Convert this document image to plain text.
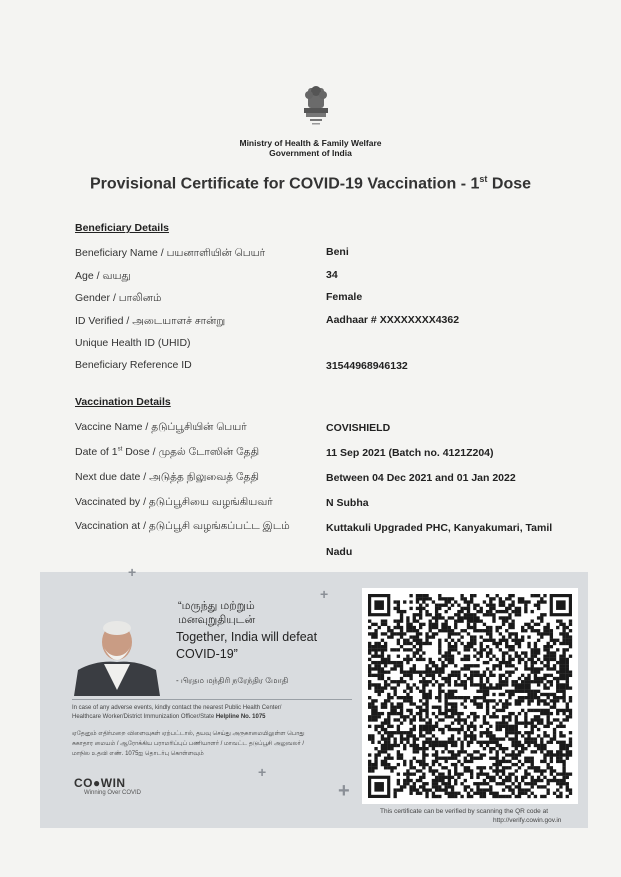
Ministry of Health & Family Welfare
Government of India
Provisional Certificate for COVID-19 Vaccination - 1st Dose
Beneficiary Details
Beneficiary Name / பயனாளியின் பெயர்	Beni
Age / வயது	34
Gender / பாலினம்	Female
ID Verified / அடையாளச் சான்று	Aadhaar # XXXXXXXX4362
Unique Health ID (UHID)
Beneficiary Reference ID	31544968946132
Vaccination Details
Vaccine Name / தடுப்பூசியின் பெயர்	COVISHIELD
Date of 1st Dose / முதல் டோஸின் தேதி	11 Sep 2021 (Batch no. 4121Z204)
Next due date / அடுத்த நிலுவைத் தேதி	Between 04 Dec 2021 and 01 Jan 2022
Vaccinated by / தடுப்பூசியை வழங்கியவர்	N Subha
Vaccination at / தடுப்பூசி வழங்கப்பட்ட இடம்	Kuttakuli Upgraded PHC, Kanyakumari, Tamil
Nadu
+
+
+
+
“மருந்து மற்றும்
மனவுறுதியுடன்
Together, India will defeat
COVID-19”
- பிரதம மந்திரி நரேந்திர மோதி
In case of any adverse events, kindly contact the nearest Public Health Center/
Healthcare Worker/District Immunization Officer/State Helpline No. 1075
ஏதேனும் எதிர்மறை விளைவுகள் ஏற்பட்டால், தயவு செய்து அருகாமையிலுள்ள பொது
சுகாதார மையம் / ஆரோக்கிய பராமரிப்புப் பணியாளர் / மாவட்ட தடுப்பூசி அலுவலர் /
மாநில உதவி எண். 1075ஐ தொடர்பு கொள்ளவும்
CO●WIN
Winning Over COVID
This certificate can be verified by scanning the QR code at
http://verify.cowin.gov.in
